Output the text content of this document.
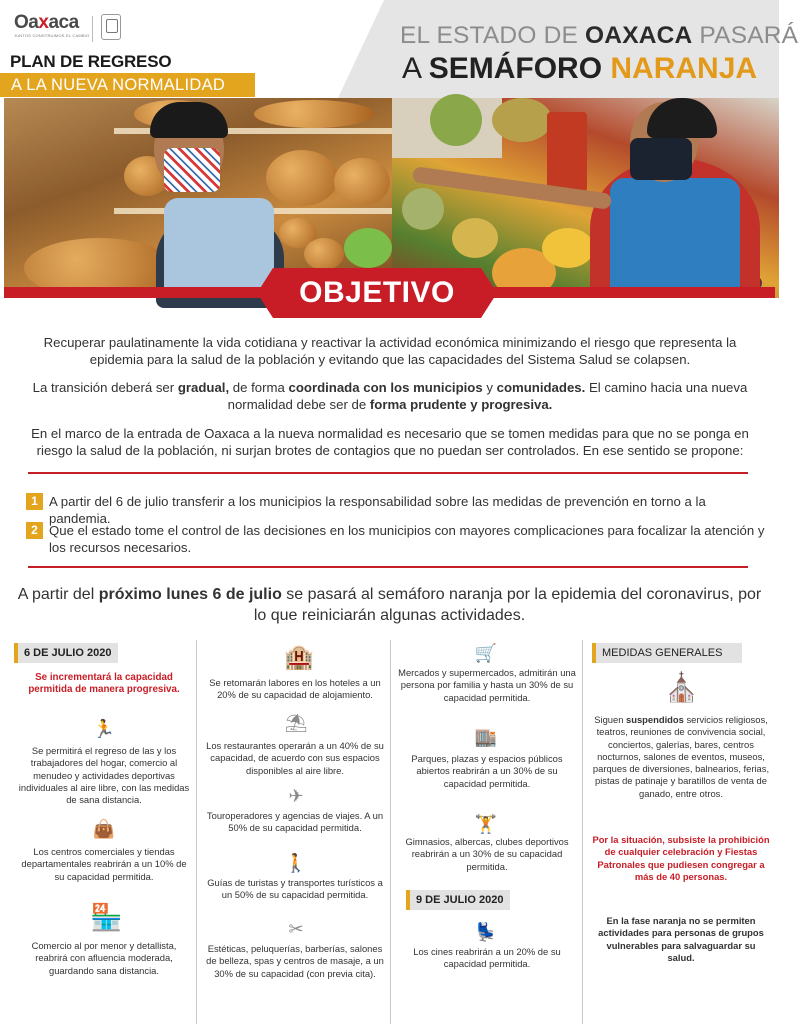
Oaxaca
JUNTOS CONSTRUIMOS EL CAMBIO
PLAN DE REGRESO
A LA NUEVA NORMALIDAD
EL ESTADO DE OAXACA PASARÁ
A SEMÁFORO NARANJA
OBJETIVO
Recuperar paulatinamente la vida cotidiana y reactivar la actividad económica minimizando el riesgo que representa la epidemia para la salud de la población y evitando que las capacidades del Sistema Salud se colapsen.
La transición deberá ser gradual, de forma coordinada con los municipios y comunidades. El camino hacia una nueva normalidad debe ser de forma prudente y progresiva.
En el marco de la entrada de Oaxaca a la nueva normalidad es necesario que se tomen medidas para que no se ponga en riesgo la salud de la población, ni surjan brotes de contagios que no puedan ser controlados. En ese sentido se propone:
1 A partir del 6 de julio transferir a los municipios la responsabilidad sobre las medidas de prevención en torno a la pandemia.
2 Que el estado tome el control de las decisiones en los municipios con mayores complicaciones para focalizar la atención y los recursos necesarios.
A partir del próximo lunes 6 de julio se pasará al semáforo naranja por la epidemia del coronavirus, por lo que reiniciarán algunas actividades.
6 DE JULIO 2020
Se incrementará la capacidad permitida de manera progresiva.
🏃
Se permitirá el regreso de las y los trabajadores del hogar, comercio al menudeo y actividades deportivas individuales al aire libre, con las medidas de sana distancia.
👜
Los centros comerciales y tiendas departamentales reabrirán a un 10% de su capacidad permitida.
🏪
Comercio al por menor y detallista, reabrirá con afluencia moderada, guardando sana distancia.
🏨
Se retomarán labores en los hoteles a un 20% de su capacidad de alojamiento.
⛱
Los restaurantes operarán a un 40% de su capacidad, de acuerdo con sus espacios disponibles al aire libre.
✈
Touroperadores y agencias de viajes. A un 50% de su capacidad permitida.
🚶
Guías de turistas y transportes turísticos a un 50% de su capacidad permitida.
✂
Estéticas, peluquerías, barberías, salones de belleza, spas y centros de masaje, a un 30% de su capacidad (con previa cita).
🛒
Mercados y supermercados, admitirán una persona por familia y hasta un 30% de su capacidad permitida.
🏬
Parques, plazas y espacios públicos abiertos reabrirán a un 30% de su capacidad permitida.
🏋
Gimnasios, albercas, clubes deportivos reabrirán a un 30% de su capacidad permitida.
9 DE JULIO 2020
💺
Los cines reabrirán a un 20% de su capacidad permitida.
MEDIDAS GENERALES
⛪
Siguen suspendidos servicios religiosos, teatros, reuniones de convivencia social, conciertos, galerías, bares, centros nocturnos, salones de eventos, museos, parques de diversiones, balnearios, ferias, pistas de patinaje y baratillos de venta de ganado, entre otros.
Por la situación, subsiste la prohibición de cualquier celebración y Fiestas Patronales que pudiesen congregar a más de 40 personas.
En la fase naranja no se permiten actividades para personas de grupos vulnerables para salvaguardar su salud.
